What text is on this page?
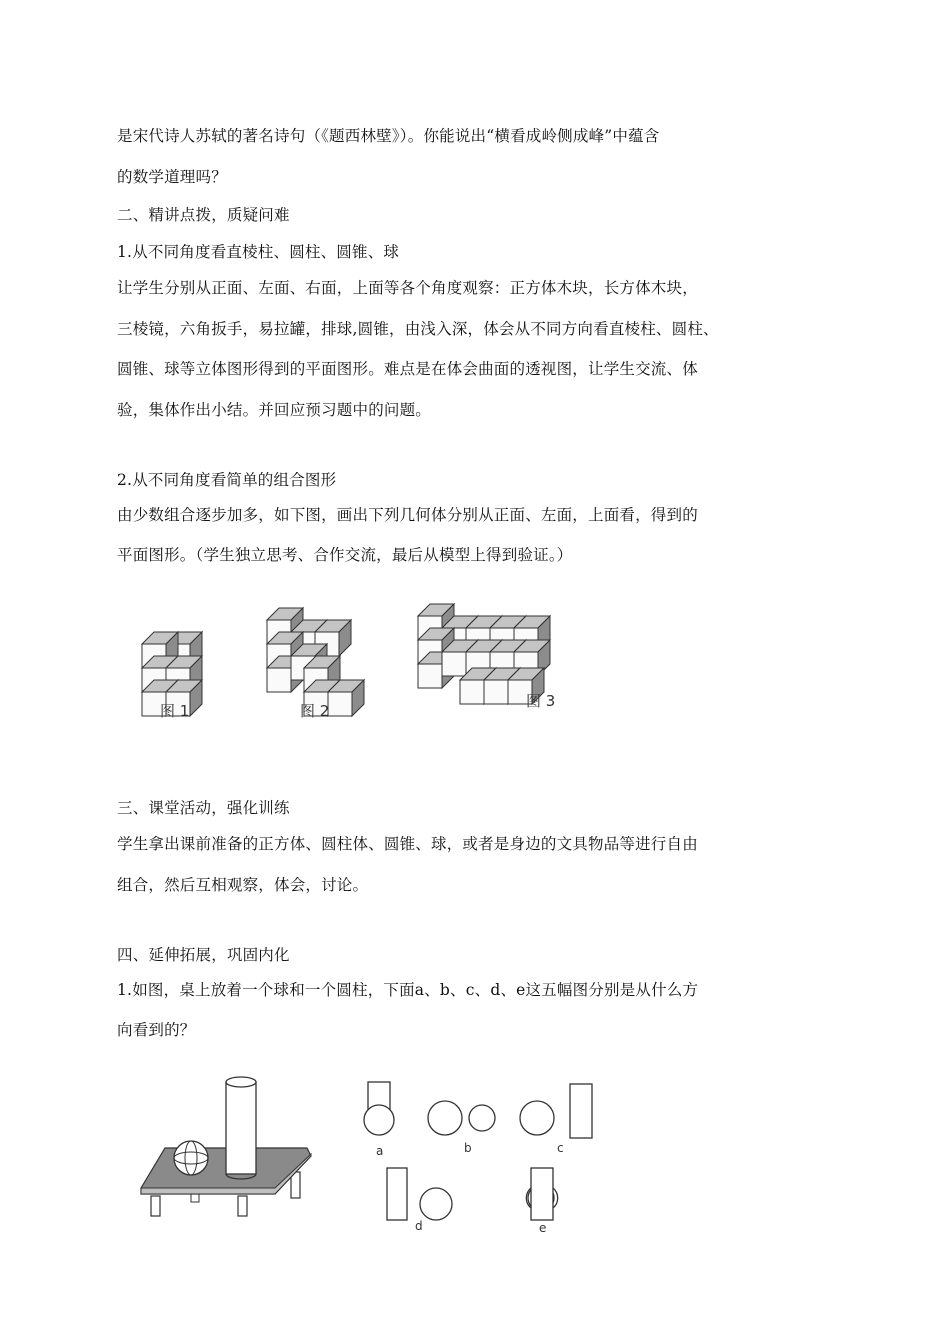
是宋代诗人苏轼的著名诗句（《题西林壁》）。你能说出“横看成岭侧成峰”中蕴含
的数学道理吗？
二、精讲点拨，质疑问难
1.从不同角度看直棱柱、圆柱、圆锥、球
让学生分别从正面、左面、右面，上面等各个角度观察：正方体木块，长方体木块，
三棱镜，六角扳手，易拉罐，排球,圆锥，由浅入深，体会从不同方向看直棱柱、圆柱、
圆锥、球等立体图形得到的平面图形。难点是在体会曲面的透视图，让学生交流、体
验，集体作出小结。并回应预习题中的问题。
2.从不同角度看简单的组合图形
由少数组合逐步加多，如下图，画出下列几何体分别从正面、左面，上面看，得到的
平面图形。（学生独立思考、合作交流，最后从模型上得到验证。）
三、课堂活动，强化训练
学生拿出课前准备的正方体、圆柱体、圆锥、球，或者是身边的文具物品等进行自由
组合，然后互相观察，体会，讨论。
四、延伸拓展，巩固内化
1.如图，桌上放着一个球和一个圆柱，下面a、b、c、d、e这五幅图分别是从什么方
向看到的？
图 1	图 2
图 3
a	b	c
d	e
